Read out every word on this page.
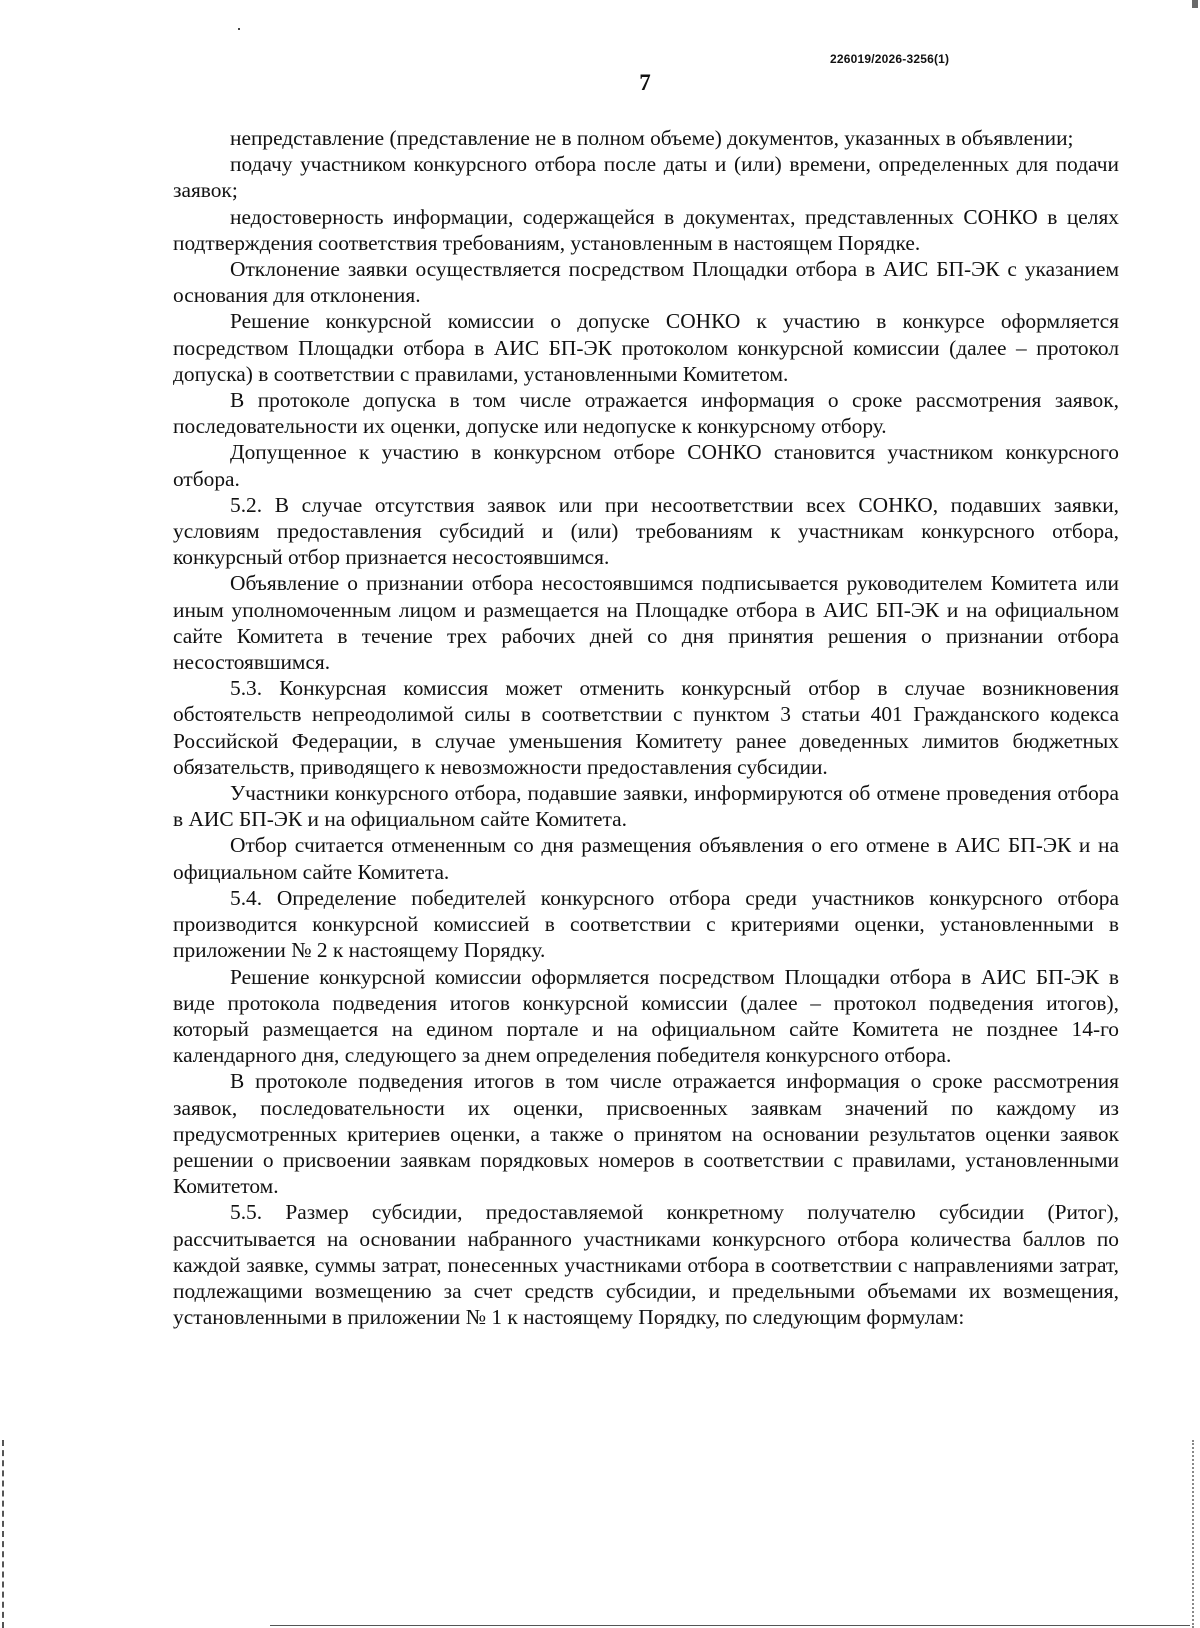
226019/2026-3256(1)
7

непредставление (представление не в полном объеме) документов, указанных в объявлении;

подачу участником конкурсного отбора после даты и (или) времени, определенных для подачи заявок;

недостоверность информации, содержащейся в документах, представленных СОНКО в целях подтверждения соответствия требованиям, установленным в настоящем Порядке.

Отклонение заявки осуществляется посредством Площадки отбора в АИС БП-ЭК с указанием основания для отклонения.

Решение конкурсной комиссии о допуске СОНКО к участию в конкурсе оформляется посредством Площадки отбора в АИС БП-ЭК протоколом конкурсной комиссии (далее – протокол допуска) в соответствии с правилами, установленными Комитетом.

В протоколе допуска в том числе отражается информация о сроке рассмотрения заявок, последовательности их оценки, допуске или недопуске к конкурсному отбору.

Допущенное к участию в конкурсном отборе СОНКО становится участником конкурсного отбора.

5.2. В случае отсутствия заявок или при несоответствии всех СОНКО, подавших заявки, условиям предоставления субсидий и (или) требованиям к участникам конкурсного отбора, конкурсный отбор признается несостоявшимся.

Объявление о признании отбора несостоявшимся подписывается руководителем Комитета или иным уполномоченным лицом и размещается на Площадке отбора в АИС БП-ЭК и на официальном сайте Комитета в течение трех рабочих дней со дня принятия решения о признании отбора несостоявшимся.

5.3. Конкурсная комиссия может отменить конкурсный отбор в случае возникновения обстоятельств непреодолимой силы в соответствии с пунктом 3 статьи 401 Гражданского кодекса Российской Федерации, в случае уменьшения Комитету ранее доведенных лимитов бюджетных обязательств, приводящего к невозможности предоставления субсидии.

Участники конкурсного отбора, подавшие заявки, информируются об отмене проведения отбора в АИС БП-ЭК и на официальном сайте Комитета.

Отбор считается отмененным со дня размещения объявления о его отмене в АИС БП-ЭК и на официальном сайте Комитета.

5.4. Определение победителей конкурсного отбора среди участников конкурсного отбора производится конкурсной комиссией в соответствии с критериями оценки, установленными в приложении № 2 к настоящему Порядку.

Решение конкурсной комиссии оформляется посредством Площадки отбора в АИС БП-ЭК в виде протокола подведения итогов конкурсной комиссии (далее – протокол подведения итогов), который размещается на едином портале и на официальном сайте Комитета не позднее 14-го календарного дня, следующего за днем определения победителя конкурсного отбора.

В протоколе подведения итогов в том числе отражается информация о сроке рассмотрения заявок, последовательности их оценки, присвоенных заявкам значений по каждому из предусмотренных критериев оценки, а также о принятом на основании результатов оценки заявок решении о присвоении заявкам порядковых номеров в соответствии с правилами, установленными Комитетом.

5.5. Размер субсидии, предоставляемой конкретному получателю субсидии (Ритог), рассчитывается на основании набранного участниками конкурсного отбора количества баллов по каждой заявке, суммы затрат, понесенных участниками отбора в соответствии с направлениями затрат, подлежащими возмещению за счет средств субсидии, и предельными объемами их возмещения, установленными в приложении № 1 к настоящему Порядку, по следующим формулам:
